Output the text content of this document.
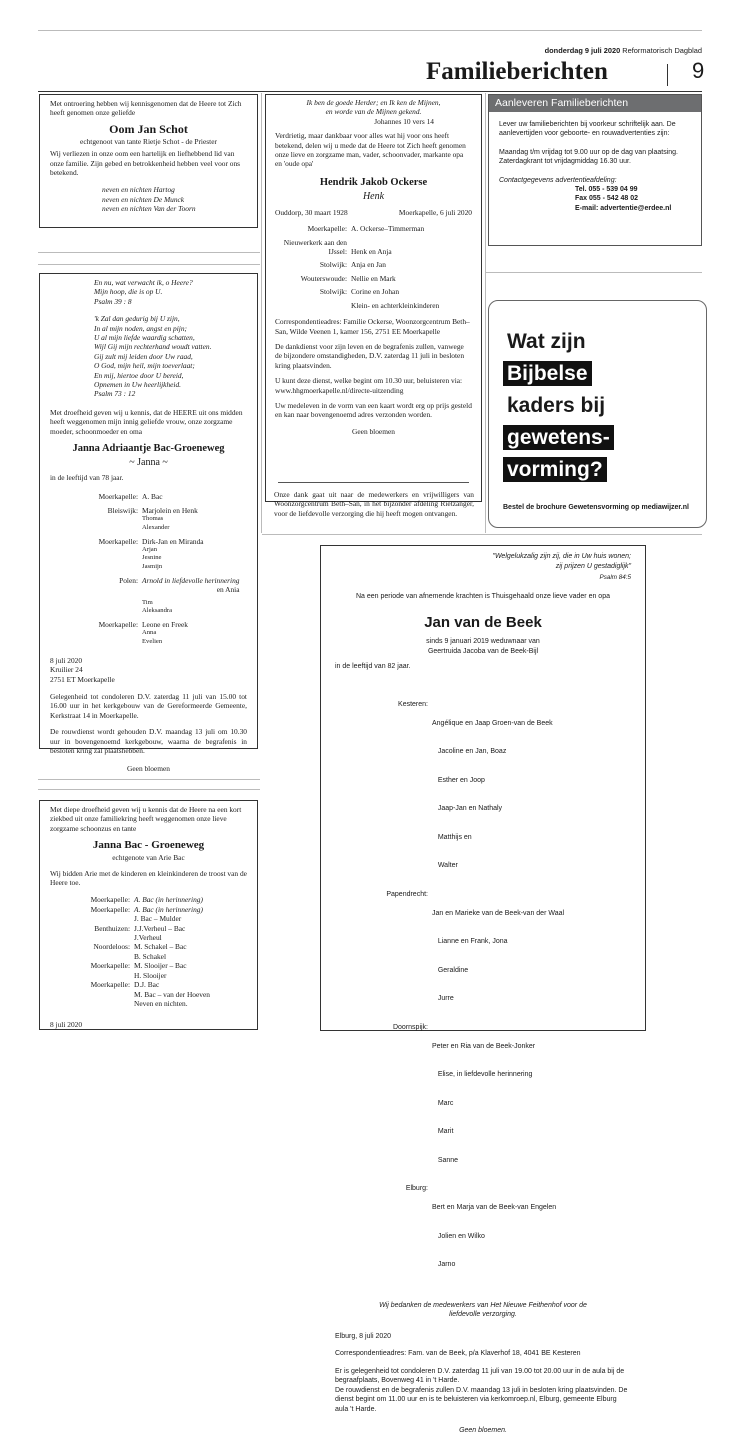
donderdag 9 juli 2020 Reformatorisch Dagblad
Familieberichten	9

Met ontroering hebben wij kennisgenomen dat de Heere tot Zich heeft genomen onze geliefde

Oom Jan Schot

echtgenoot van tante Rietje Schot - de Priester

Wij verliezen in onze oom een hartelijk en liefhebbend lid van onze familie. Zijn gebed en betrokkenheid hebben veel voor ons betekend.

neven en nichten Hartog

neven en nichten De Munck

neven en nichten Van der Toorn

En nu, wat verwacht ik, o Heere?

Mijn hoop, die is op U.

Psalm 39 : 8

'k Zal dan gedurig bij U zijn,

In al mijn noden, angst en pijn;

U al mijn liefde waardig schatten,

Wijl Gij mijn rechterhand woudt vatten.

Gij zult mij leiden door Uw raad,

O God, mijn heil, mijn toeverlaat;

En mij, hiertoe door U bereid,

Opnemen in Uw heerlijkheid.

Psalm 73 : 12

Met droefheid geven wij u kennis, dat de HEERE uit ons midden heeft weggenomen mijn innig geliefde vrouw, onze zorgzame moeder, schoonmoeder en oma

Janna Adriaantje Bac-Groeneweg

~ Janna ~

in de leeftijd van 78 jaar.

Moerkapelle: A. Bac
Bleiswijk: Marjolein en Henk

Thomas

Alexander

Moerkapelle: Dirk-Jan en Miranda

Arjan

Jesnine

Jasmijn

Polen: Arnold in liefdevolle herinnering

en Ania

Tim

Aleksandra

Moerkapelle: Leone en Freek

Anna

Evelien

8 juli 2020

Kruilier 24

2751 ET Moerkapelle

Gelegenheid tot condoleren D.V. zaterdag 11 juli van 15.00 tot 16.00 uur in het kerkgebouw van de Gereformeerde Gemeente, Kerkstraat 14 in Moerkapelle.

De rouwdienst wordt gehouden D.V. maandag 13 juli om 10.30 uur in bovengenoemd kerkgebouw, waarna de begrafenis in besloten kring zal plaatshebben.

Geen bloemen

Met diepe droefheid geven wij u kennis dat de Heere na een kort ziekbed uit onze familiekring heeft weggenomen onze lieve zorgzame schoonzus en tante

Janna Bac - Groeneweg

echtgenote van Arie Bac

Wij bidden Arie met de kinderen en kleinkinderen de troost van de Heere toe.

Moerkapelle: A. Bac (in herinnering)
Moerkapelle: A. Bac (in herinnering)

J. Bac – Mulder

Benthuizen: J.J.Verheul – Bac

J.Verheul

Noordeloos: M. Schakel – Bac

B. Schakel

Moerkapelle: M. Slooijer – Bac

H. Slooijer

Moerkapelle: D.J. Bac

M. Bac – van der Hoeven

Neven en nichten.

8 juli 2020

Ik ben de goede Herder; en Ik ken de Mijnen,

en worde van de Mijnen gekend.

Johannes 10 vers 14

Verdrietig, maar dankbaar voor alles wat hij voor ons heeft betekend, delen wij u mede dat de Heere tot Zich heeft genomen onze lieve en zorgzame man, vader, schoonvader, markante opa en 'oude opa'

Hendrik Jakob Ockerse

Henk

Ouddorp, 30 maart 1928	Moerkapelle, 6 juli 2020
Moerkapelle: A. Ockerse–Timmerman
Nieuwerkerk aan den IJssel: Henk en Anja
Stolwijk: Anja en Jan
Wouterswoude: Nellie en Mark
Stolwijk: Corine en Johan
Klein- en achterkleinkinderen

Correspondentieadres: Familie Ockerse, Woonzorgcentrum Beth–San, Wilde Veenen 1, kamer 156, 2751 EE Moerkapelle

De dankdienst voor zijn leven en de begrafenis zullen, vanwege de bijzondere omstandigheden, D.V. zaterdag 11 juli in besloten kring plaatsvinden.

U kunt deze dienst, welke begint om 10.30 uur, beluisteren via:

www.hhgmoerkapelle.nl/directe-uitzending

Uw medeleven in de vorm van een kaart wordt erg op prijs gesteld en kan naar bovengenoemd adres verzonden worden.

Geen bloemen

Onze dank gaat uit naar de medewerkers en vrijwilligers van Woonzorgcentrum Beth–San, in het bijzonder afdeling Rietzanger, voor de liefdevolle verzorging die hij heeft mogen ontvangen.
Aanleveren Familieberichten

Lever uw familieberichten bij voorkeur schriftelijk aan. De aanlevertijden voor geboorte- en rouwadvertenties zijn:

Maandag t/m vrijdag tot 9.00 uur op de dag van plaatsing. Zaterdagkrant tot vrijdagmiddag 16.30 uur.

Contactgegevens advertentieafdeling:

Tel. 055 - 539 04 99

Fax 055 - 542 48 02

E-mail: advertentie@erdee.nl

Wat zijn
Bijbelse
kaders bij
gewetens-
vorming?

Bestel de brochure Gewetensvorming op mediawijzer.nl

"Welgelukzalig zijn zij, die in Uw huis wonen;

zij prijzen U gestadiglijk"

Psalm 84:5

Na een periode van afnemende krachten is Thuisgehaald onze lieve vader en opa

Jan van de Beek

sinds 9 januari 2019 weduwnaar van

Geertruida Jacoba van de Beek-Bijl

in de leeftijd van 82 jaar.

Kesteren:

Angélique en Jaap Groen-van de Beek

Jacoline en Jan, Boaz

Esther en Joop

Jaap-Jan en Nathaly

Matthijs en

Walter

Papendrecht:

Jan en Marieke van de Beek-van der Waal

Lianne en Frank, Jona

Geraldine

Jurre

Doornspijk:

Peter en Ria van de Beek-Jonker

Elise, in liefdevolle herinnering

Marc

Marit

Sanne

Elburg:

Bert en Marja van de Beek-van Engelen

Jolien en Wilko

Jarno

Wij bedanken de medewerkers van Het Nieuwe Feithenhof voor de liefdevolle verzorging.

Elburg, 8 juli 2020

Correspondentieadres: Fam. van de Beek, p/a Klaverhof 18, 4041 BE Kesteren

Er is gelegenheid tot condoleren D.V. zaterdag 11 juli van 19.00 tot 20.00 uur in de aula bij de begraafplaats, Bovenweg 41 in 't Harde.

De rouwdienst en de begrafenis zullen D.V. maandag 13 juli in besloten kring plaatsvinden. De dienst begint om 11.00 uur en is te beluisteren via kerkomroep.nl, Elburg, gemeente Elburg aula 't Harde.

Geen bloemen.
